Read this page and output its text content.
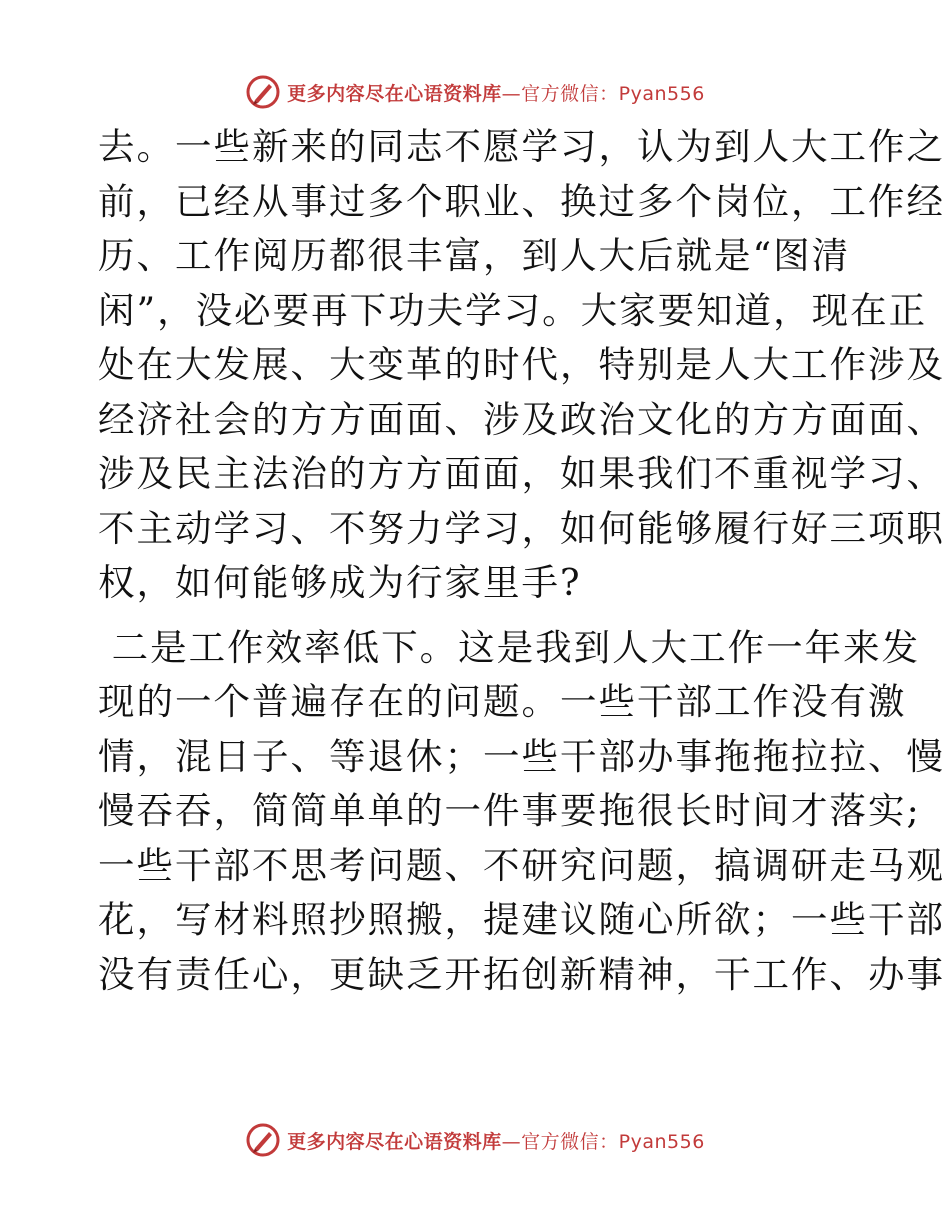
更多内容尽在心语资料库—官方微信：Pyan556
去。一些新来的同志不愿学习，认为到人大工作之
前，已经从事过多个职业、换过多个岗位，工作经
历、工作阅历都很丰富，到人大后就是“图清
闲”，没必要再下功夫学习。大家要知道，现在正
处在大发展、大变革的时代，特别是人大工作涉及
经济社会的方方面面、涉及政治文化的方方面面、
涉及民主法治的方方面面，如果我们不重视学习、
不主动学习、不努力学习，如何能够履行好三项职
权，如何能够成为行家里手?
二是工作效率低下。这是我到人大工作一年来发
现的一个普遍存在的问题。一些干部工作没有激
情，混日子、等退休；一些干部办事拖拖拉拉、慢
慢吞吞，简简单单的一件事要拖很长时间才落实;
一些干部不思考问题、不研究问题，搞调研走马观
花，写材料照抄照搬，提建议随心所欲；一些干部
没有责任心，更缺乏开拓创新精神，干工作、办事
更多内容尽在心语资料库—官方微信：Pyan556
